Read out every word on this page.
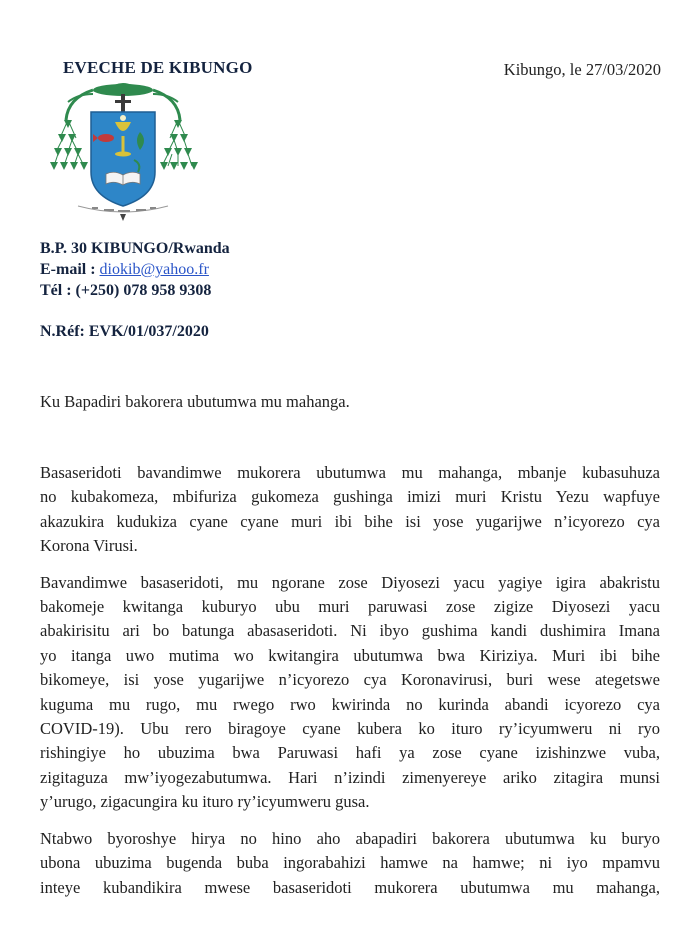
EVECHE DE KIBUNGO	Kibungo, le 27/03/2020
B.P. 30 KIBUNGO/Rwanda
E-mail : diokib@yahoo.fr
Tél : (+250) 078 958 9308
N.Réf: EVK/01/037/2020
Ku Bapadiri bakorera ubutumwa mu mahanga.
Basaseridoti bavandimwe mukorera ubutumwa mu mahanga, mbanje kubasuhuza
no kubakomeza, mbifuriza gukomeza gushinga imizi muri Kristu Yezu wapfuye
akazukira kudukiza cyane cyane muri ibi bihe isi yose yugarijwe n’icyorezo cya
Korona Virusi.
Bavandimwe basaseridoti, mu ngorane zose Diyosezi yacu yagiye igira abakristu
bakomeje kwitanga kuburyo ubu muri paruwasi zose zigize Diyosezi yacu
abakirisitu ari bo batunga abasaseridoti. Ni ibyo gushima kandi dushimira Imana
yo itanga uwo mutima wo kwitangira ubutumwa bwa Kiriziya. Muri ibi bihe
bikomeye, isi yose yugarijwe n’icyorezo cya Koronavirusi, buri wese ategetswe
kuguma mu rugo, mu rwego rwo kwirinda no kurinda abandi icyorezo cya
COVID-19). Ubu rero biragoye cyane kubera ko ituro ry’icyumweru ni ryo
rishingiye ho ubuzima bwa Paruwasi hafi ya zose cyane izishinzwe vuba,
zigitaguza mw’iyogezabutumwa. Hari n’izindi zimenyereye ariko zitagira munsi
y’urugo, zigacungira ku ituro ry’icyumweru gusa.
Ntabwo byoroshye hirya no hino aho abapadiri bakorera ubutumwa ku buryo
ubona ubuzima bugenda buba ingorabahizi hamwe na hamwe; ni iyo mpamvu
inteye kubandikira mwese basaseridoti mukorera ubutumwa mu mahanga,
